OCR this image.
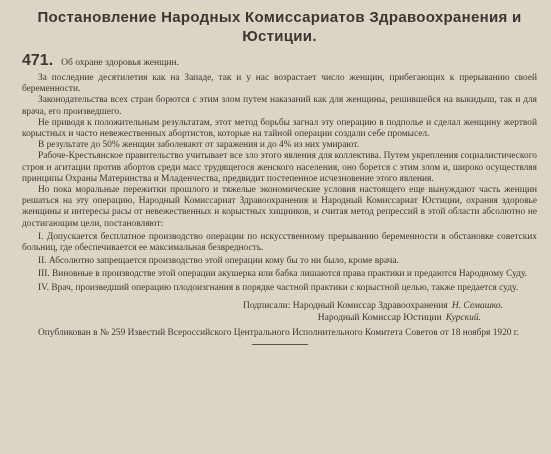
Постановление Народных Комиссариатов Здравоохранения и Юстиции.
471. Об охране здоровья женщин.

За последние десятилетия как на Западе, так и у нас возрастает число женщин, прибегающих к прерыванию своей беременности.

Законодательства всех стран борются с этим злом путем наказаний как для женщины, решившейся на выкидыш, так и для врача, его произведшего.

Не приводя к положительным результатам, этот метод борьбы загнал эту операцию в подполье и сделал женщину жертвой корыстных и часто невежественных абортистов, которые на тайной операции создали себе промысел.

В результате до 50% женщин заболевают от заражения и до 4% из них умирают.

Рабоче-Крестьянское правительство учитывает все зло этого явления для коллектива. Путем укрепления социалистического строя и агитации против абортов среди масс трудящегося женского населения, оно борется с этим злом и, широко осуществляя принципы Охраны Материнства и Младенчества, предвидит постепенное исчезновение этого явления.

Но пока моральные пережитки прошлого и тяжелые экономические условия настоящего еще вынуждают часть женщин решаться на эту операцию, Народный Комиссариат Здравоохранения и Народный Комиссариат Юстиции, охраняя здоровье женщины и интересы расы от невежественных и корыстных хищников, и считая метод репрессий в этой области абсолютно не достигающим цели, постановляют:

I. Допускается бесплатное производство операции по искусственному прерыванию беременности в обстановке советских больниц, где обеспечивается ее максимальная безвредность.

II. Абсолютно запрещается производство этой операции кому бы то ни было, кроме врача.

III. Виновные в производстве этой операции акушерка или бабка лишаются права практики и предаются Народному Суду.

IV. Врач, произведший операцию плодоизгнания в порядке частной практики с корыстной целью, также предается суду.

Подписали: Народный Комиссар Здравоохранения Н. Семашко.
Народный Комиссар Юстиции Курский.
Опубликован в № 259 Известий Всероссийского Центрального Исполнительного Комитета Советов от 18 ноября 1920 г.
